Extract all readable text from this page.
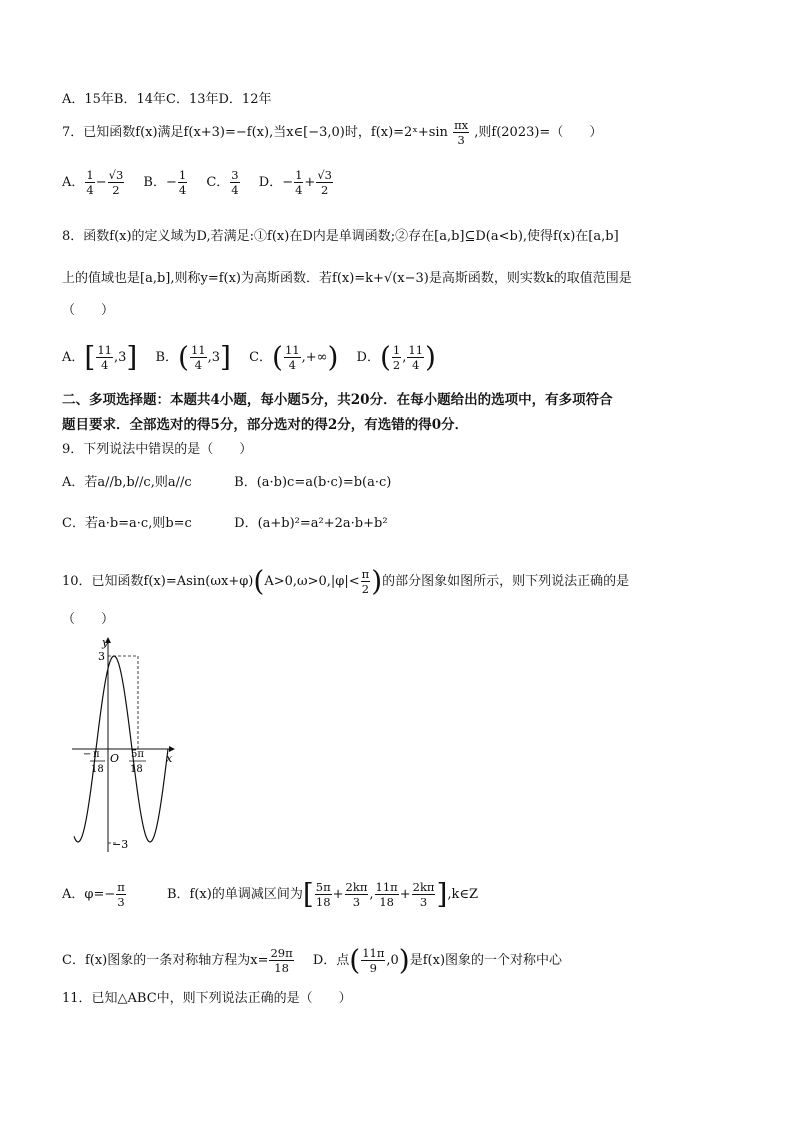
A．15年B．14年C．13年D．12年
7．已知函数f(x)满足f(x+3)=−f(x),当x∈[−3,0)时，f(x)=2ˣ+sin $\frac{\pi x}{3}$ ,则f(2023)=（　　）
A． $\frac{1}{4} - \frac{√3}{2}$ B．− $\frac{1}{4}$ C． $\frac{3}{4}$ D．− $\frac{1}{4} + \frac{√3}{2}$
8．函数f(x)的定义域为D,若满足:①f(x)在D内是单调函数;②存在[a,b]⊆D(a<b),使得f(x)在[a,b]
上的值域也是[a,b],则称y=f(x)为高斯函数．若f(x)=k+√(x−3)是高斯函数，则实数k的取值范围是
（　　）
A．[ $\frac{11}{4} ,3$] B．( $\frac{11}{4} ,3$] C．( $\frac{11}{4}$ ,+∞) D．( $\frac{1}{2}$ , $\frac{11}{4}$ )
二、多项选择题：本题共4小题，每小题5分，共20分．在每小题给出的选项中，有多项符合
题目要求．全部选对的得5分，部分选对的得2分，有选错的得0分．
9．下列说法中错误的是（　　）
A．若a//b,b//c,则a//c	B．(a·b)c=a(b·c)=b(a·c)
C．若a·b=a·c,则b=c	D．(a+b)²=a²+2a·b+b²
10．已知函数$f(x)=Asin(\omega x+\varphi)(A>0,\omega>0,|\varphi|< \frac{\pi}{2}$ )的部分图象如图所示，则下列说法正确的是
（　　）
y
x
O
3
−3
− π
18
5π
18
A．$\varphi=- \frac{\pi}{3}$	B．f(x)的单调减区间为[ $\frac{5\pi}{18} + \frac{2k\pi}{3}$ , $\frac{11\pi}{18} + \frac{2k\pi}{3}$ ],k∈Z
C．f(x)图象的一条对称轴方程为$x= \frac{29\pi}{18}$ D．点( $\frac{11\pi}{9} ,0$)是f(x)图象的一个对称中心
11．已知△ABC中，则下列说法正确的是（　　）
